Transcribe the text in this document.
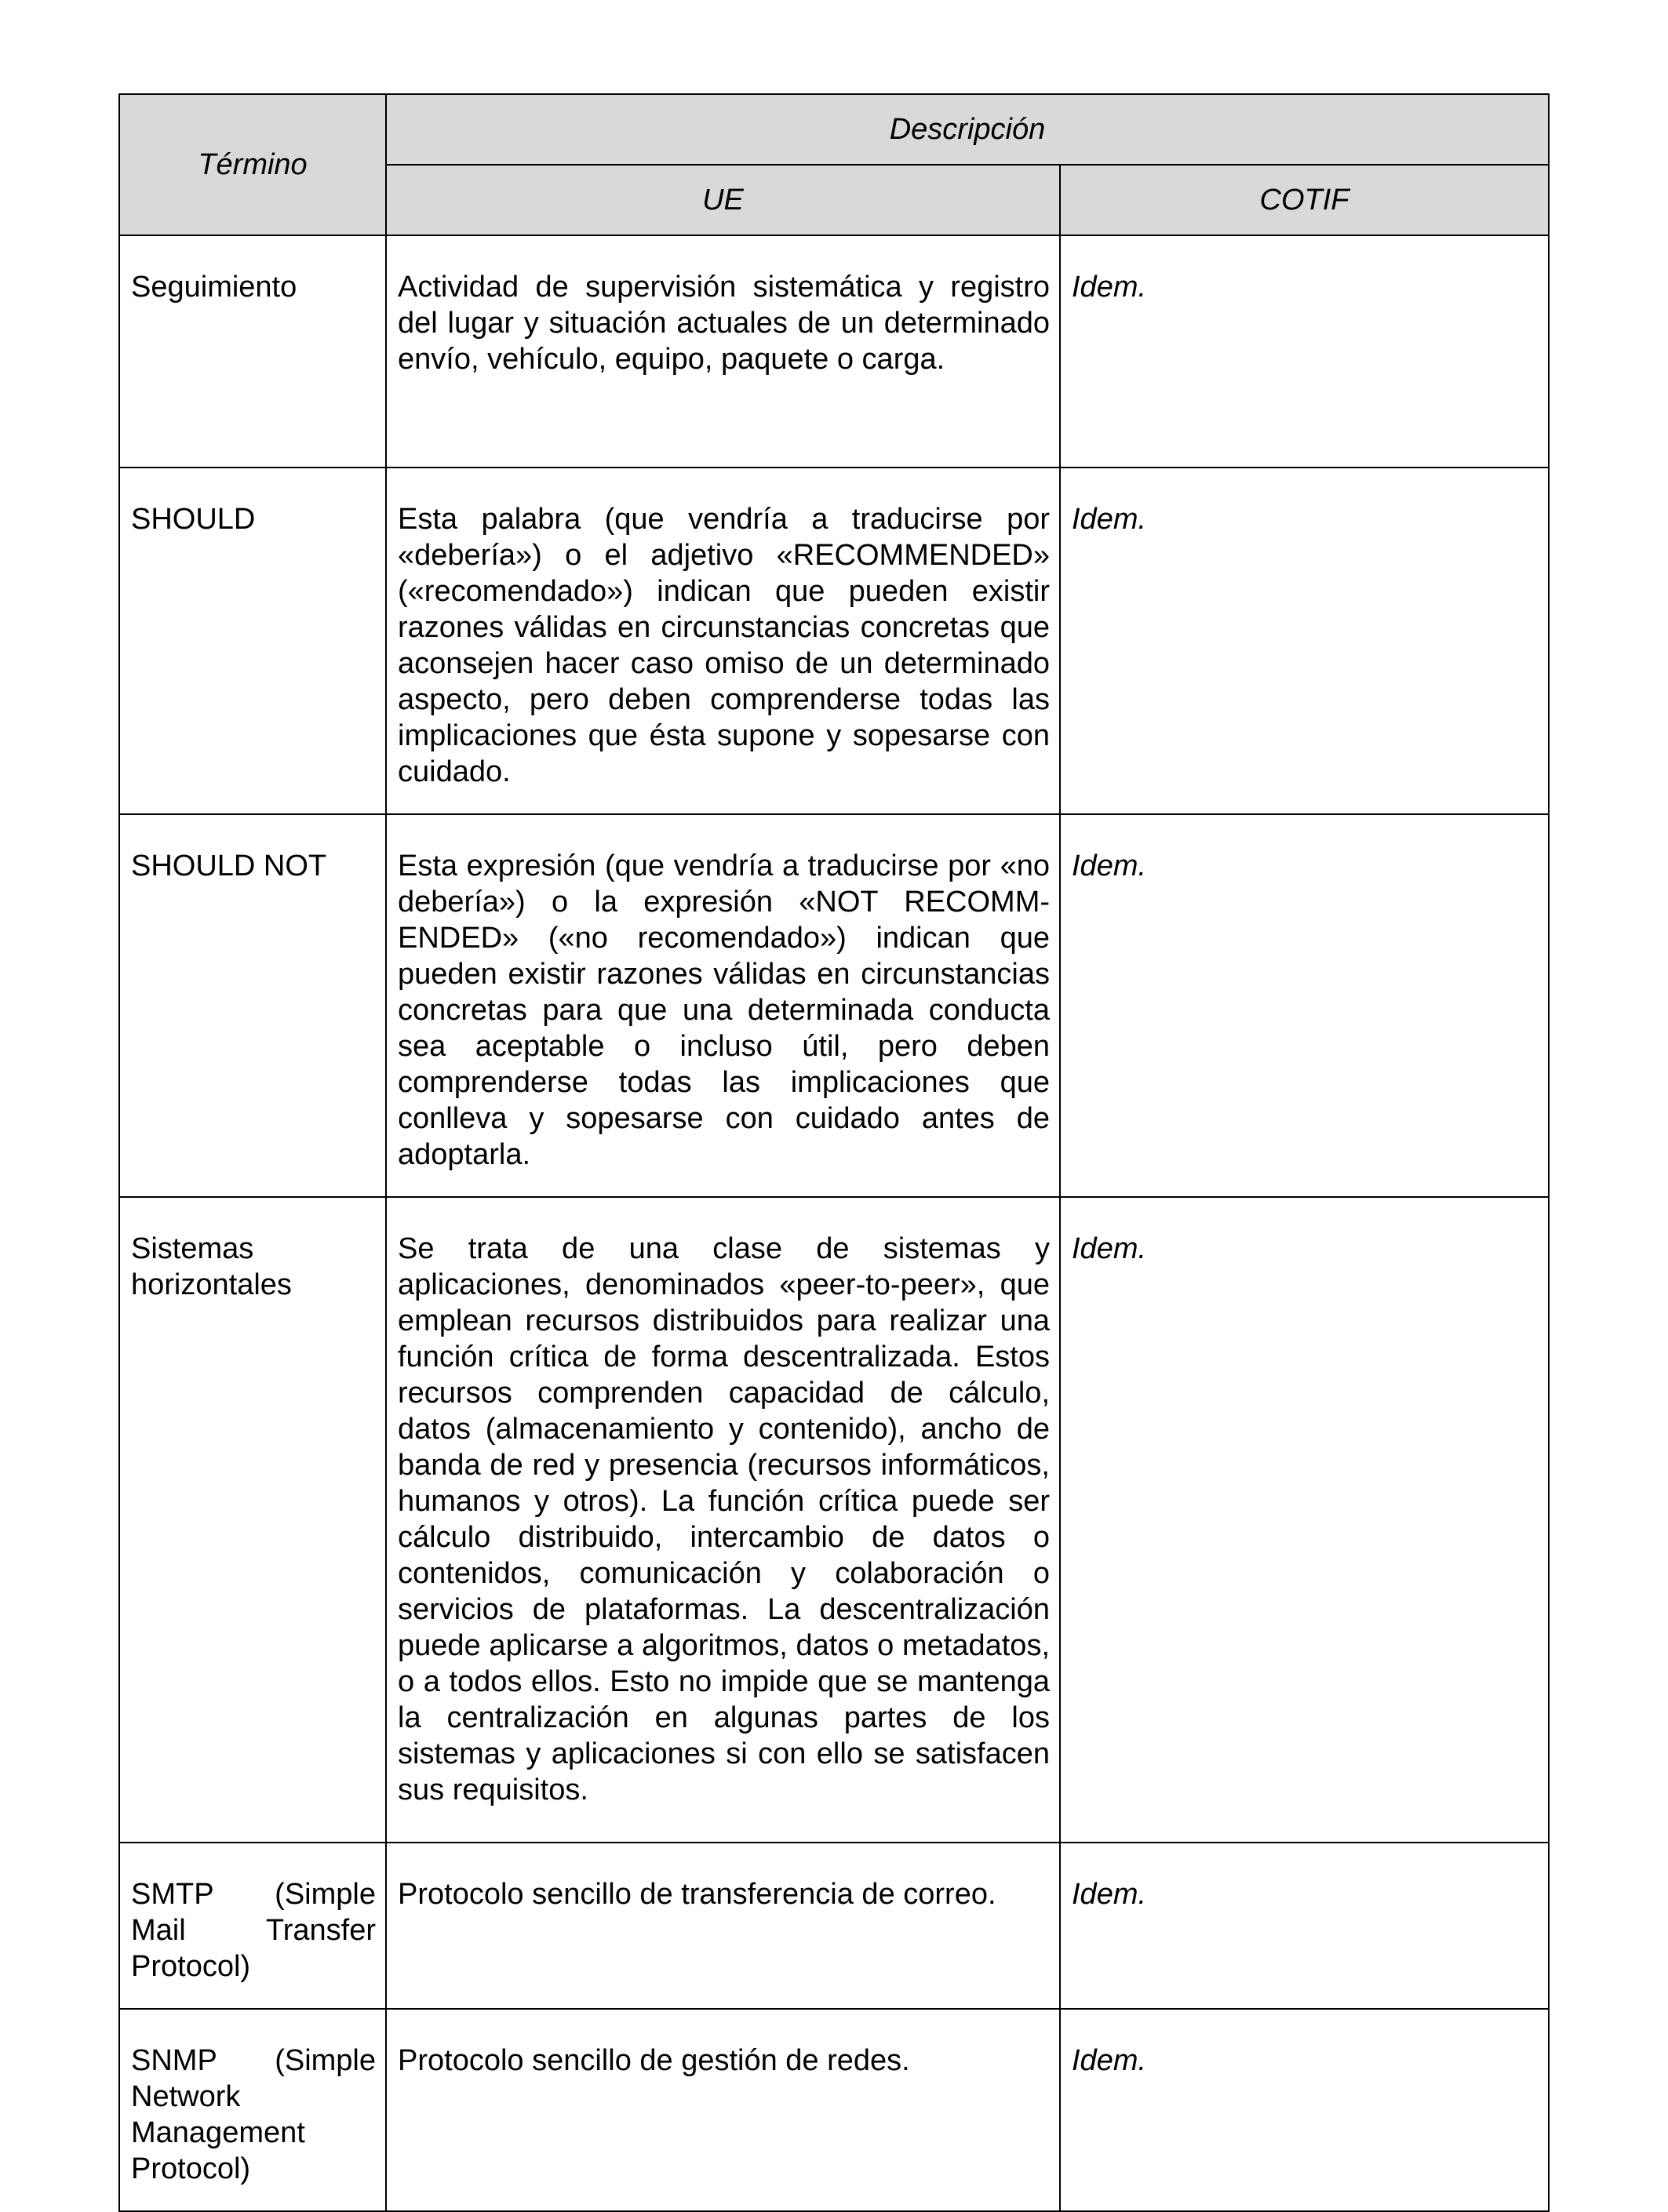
Término	Descripción	
	UE	COTIF

Seguimiento	Actividad de supervisión sistemática y registro del lugar y situación actuales de un determinado envío, vehículo, equipo, paquete o carga.	Idem.

SHOULD	Esta palabra (que vendría a traducirse por «debería») o el adjetivo «RECOMMENDED» («recomendado») indican que pueden existir razones válidas en circunstancias concretas que aconsejen hacer caso omiso de un determinado aspecto, pero deben comprenderse todas las implicaciones que ésta supone y sopesarse con cuidado.	Idem.

SHOULD NOT	Esta expresión (que vendría a traducirse por «no debería») o la expresión «NOT RECOMM-ENDED» («no recomendado») indican que pueden existir razones válidas en circunstancias concretas para que una determinada conducta sea aceptable o incluso útil, pero deben comprenderse todas las implicaciones que conlleva y sopesarse con cuidado antes de adoptarla.	Idem.

Sistemas horizontales	Se trata de una clase de sistemas y aplicaciones, denominados «peer-to-peer», que emplean recursos distribuidos para realizar una función crítica de forma descentralizada. Estos recursos comprenden capacidad de cálculo, datos (almacenamiento y contenido), ancho de banda de red y presencia (recursos informáticos, humanos y otros). La función crítica puede ser cálculo distribuido, intercambio de datos o contenidos, comunicación y colaboración o servicios de plataformas. La descentralización puede aplicarse a algoritmos, datos o metadatos, o a todos ellos. Esto no impide que se mantenga la centralización en algunas partes de los sistemas y aplicaciones si con ello se satisfacen sus requisitos.	Idem.

SMTP (Simple Mail Transfer Protocol)	Protocolo sencillo de transferencia de correo.	Idem.

SNMP (Simple Network Management Protocol)	Protocolo sencillo de gestión de redes.	Idem.
